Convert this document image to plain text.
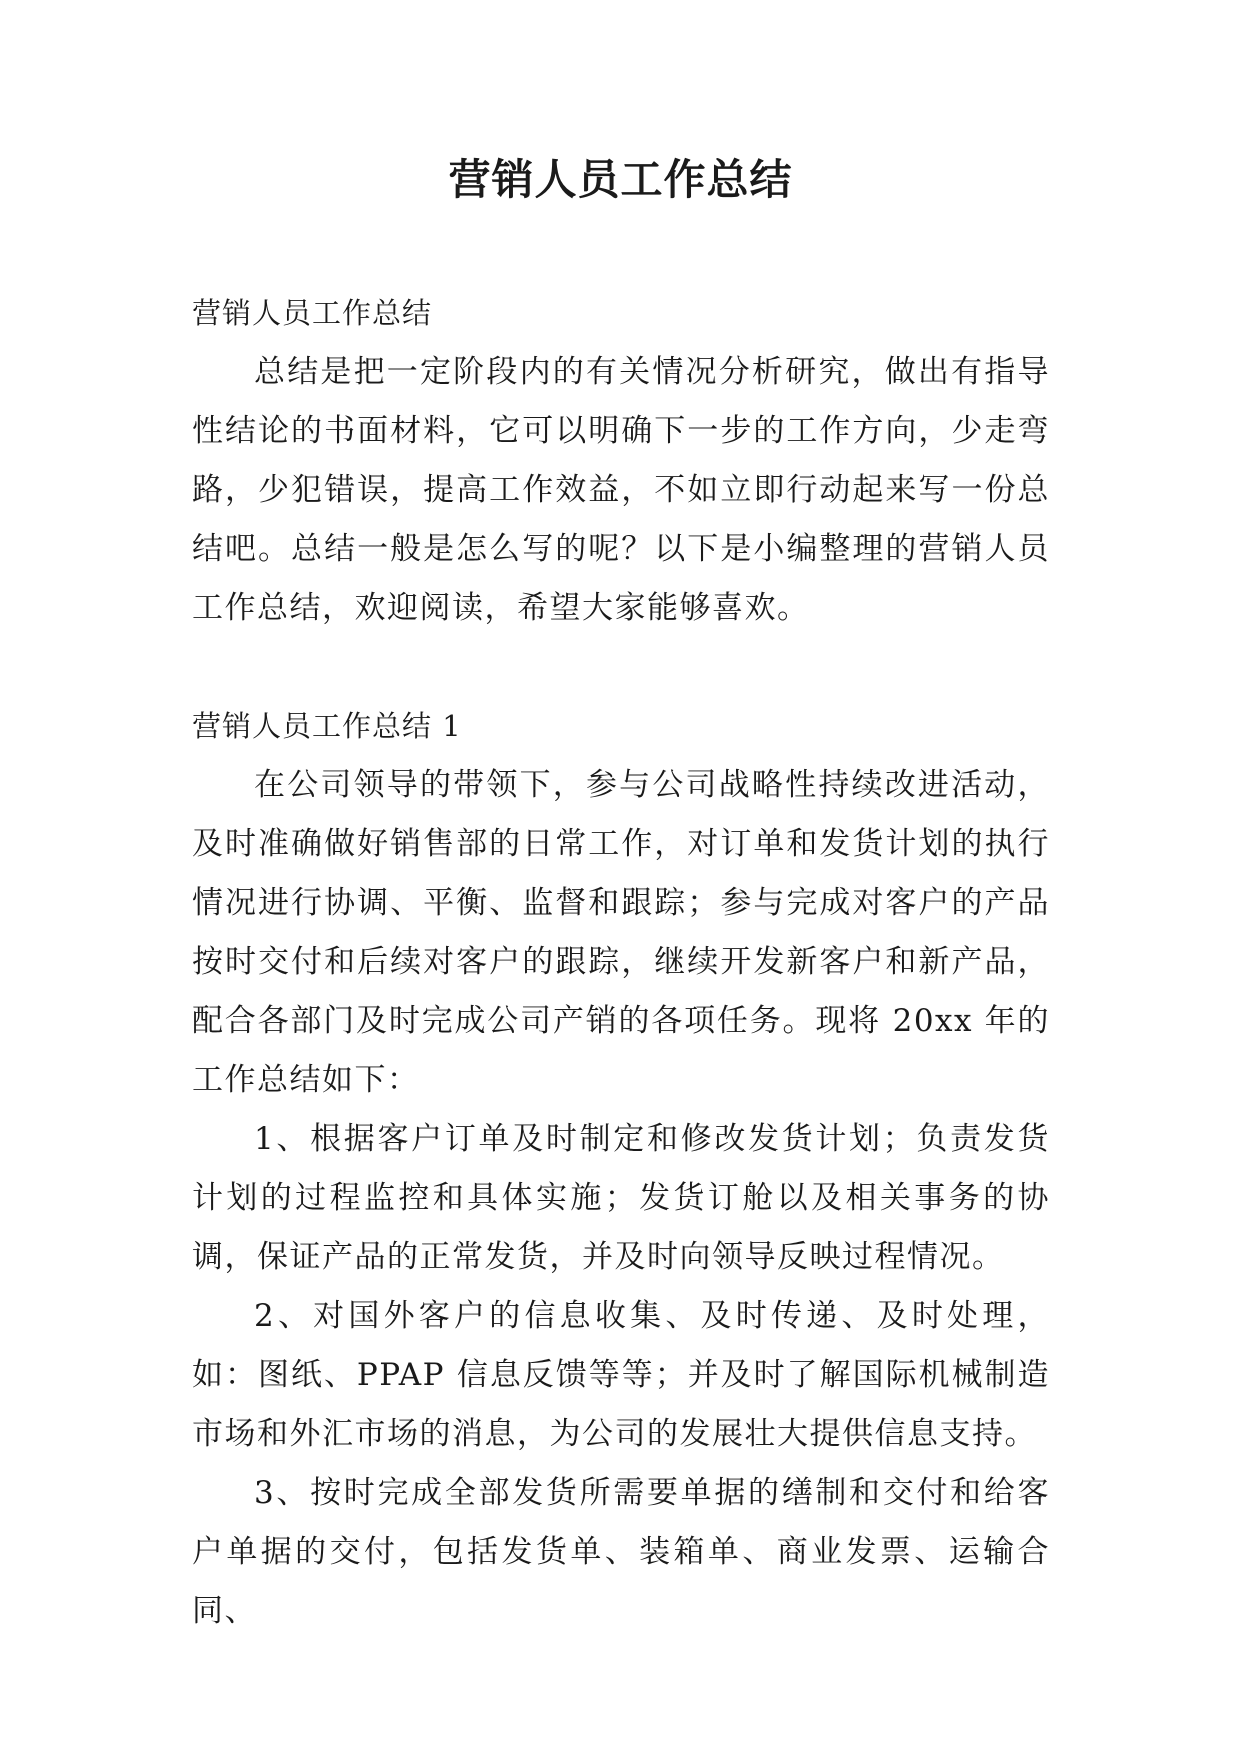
营销人员工作总结

营销人员工作总结

总结是把一定阶段内的有关情况分析研究，做出有指导性结论的书面材料，它可以明确下一步的工作方向，少走弯路，少犯错误，提高工作效益，不如立即行动起来写一份总结吧。总结一般是怎么写的呢？以下是小编整理的营销人员工作总结，欢迎阅读，希望大家能够喜欢。

营销人员工作总结 1

在公司领导的带领下，参与公司战略性持续改进活动，及时准确做好销售部的日常工作，对订单和发货计划的执行情况进行协调、平衡、监督和跟踪；参与完成对客户的产品按时交付和后续对客户的跟踪，继续开发新客户和新产品，配合各部门及时完成公司产销的各项任务。现将 20xx 年的工作总结如下：

1、根据客户订单及时制定和修改发货计划；负责发货计划的过程监控和具体实施；发货订舱以及相关事务的协调，保证产品的正常发货，并及时向领导反映过程情况。

2、对国外客户的信息收集、及时传递、及时处理，如：图纸、PPAP 信息反馈等等；并及时了解国际机械制造市场和外汇市场的消息，为公司的发展壮大提供信息支持。

3、按时完成全部发货所需要单据的缮制和交付和给客户单据的交付，包括发货单、装箱单、商业发票、运输合同、
